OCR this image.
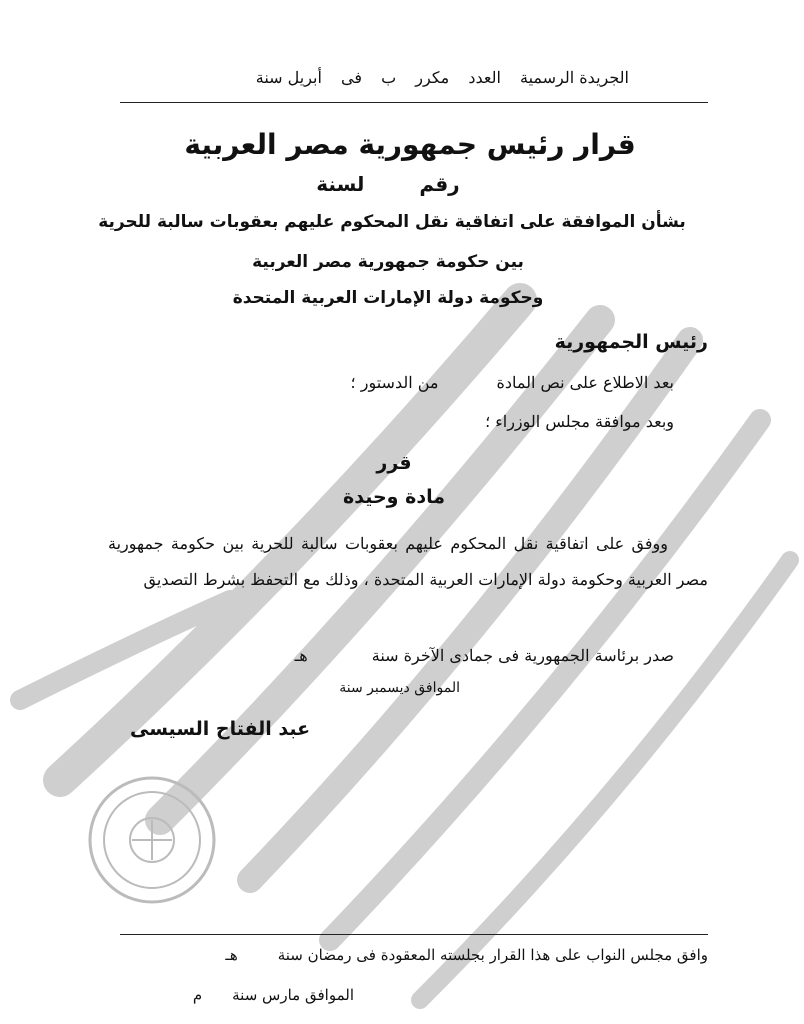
الجريدة الرسمية العدد مكرر ب فى أبريل سنة
قرار رئيس جمهورية مصر العربية
رقم لسنة
بشأن الموافقة على اتفاقية نقل المحكوم عليهم بعقوبات سالبة للحرية
بين حكومة جمهورية مصر العربية
وحكومة دولة الإمارات العربية المتحدة
رئيس الجمهورية
بعد الاطلاع على نص المادةمن الدستور ؛
وبعد موافقة مجلس الوزراء ؛
قرر
مادة وحيدة
ووفق على اتفاقية نقل المحكوم عليهم بعقوبات سالبة للحرية بين حكومة جمهورية مصر العربية وحكومة دولة الإمارات العربية المتحدة ، وذلك مع التحفظ بشرط التصديق
صدر برئاسة الجمهورية فى جمادى الآخرة سنةهـ
الموافق ديسمبر سنة
عبد الفتاح السيسى
وافق مجلس النواب على هذا القرار بجلسته المعقودة فى رمضان سنةهـ
الموافق مارس سنةم
